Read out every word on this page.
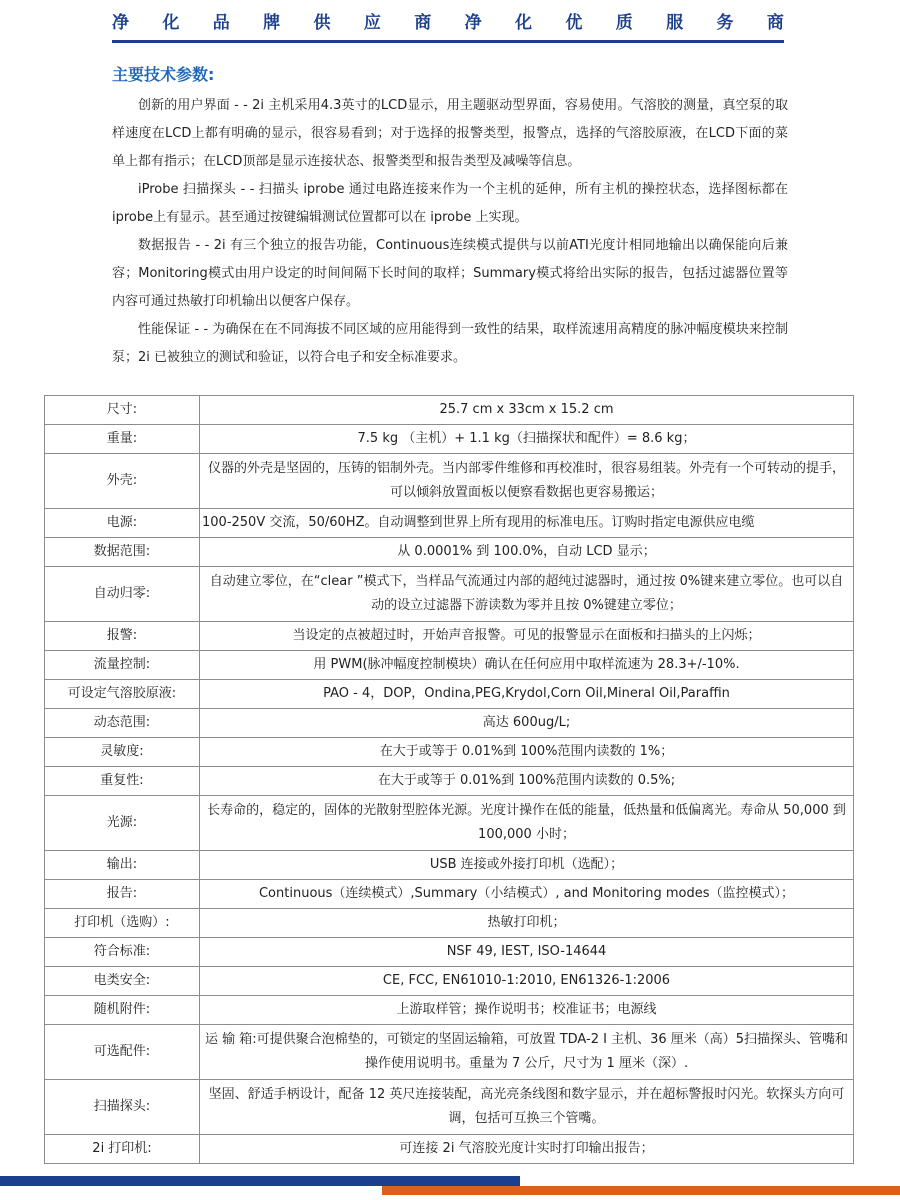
净 化 品 牌 供 应 商 净 化 优 质 服 务 商
主要技术参数:

创新的用户界面 - - 2i 主机采用4.3英寸的LCD显示，用主题驱动型界面，容易使用。气溶胶的测量，真空泵的取样速度在LCD上都有明确的显示，很容易看到；对于选择的报警类型，报警点，选择的气溶胶原液，在LCD下面的菜单上都有指示；在LCD顶部是显示连接状态、报警类型和报告类型及减噪等信息。

iProbe 扫描探头 - - 扫描头 iprobe 通过电路连接来作为一个主机的延伸，所有主机的操控状态，选择图标都在 iprobe上有显示。甚至通过按键编辑测试位置都可以在 iprobe 上实现。

数据报告 - - 2i 有三个独立的报告功能，Continuous连续模式提供与以前ATI光度计相同地输出以确保能向后兼容；Monitoring模式由用户设定的时间间隔下长时间的取样；Summary模式将给出实际的报告，包括过滤器位置等内容可通过热敏打印机输出以便客户保存。

性能保证 - - 为确保在在不同海拔不同区域的应用能得到一致性的结果，取样流速用高精度的脉冲幅度模块来控制泵；2i 已被独立的测试和验证，以符合电子和安全标准要求。

尺寸:	25.7 cm x 33cm x 15.2 cm
重量:	7.5 kg （主机）+ 1.1 kg（扫描探状和配件）= 8.6 kg；
外壳:	仪器的外壳是坚固的，压铸的铝制外壳。当内部零件维修和再校准时，很容易组装。外壳有一个可转动的提手，可以倾斜放置面板以便察看数据也更容易搬运；
电源:	100-250V 交流，50/60HZ。自动调整到世界上所有现用的标准电压。订购时指定电源供应电缆
数据范围:	从 0.0001% 到 100.0%，自动 LCD 显示；
自动归零:	自动建立零位，在“clear ”模式下，当样品气流通过内部的超纯过滤器时，通过按 0%键来建立零位。也可以自动的设立过滤器下游读数为零并且按 0%键建立零位；
报警:	当设定的点被超过时，开始声音报警。可见的报警显示在面板和扫描头的上闪烁；
流量控制:	用 PWM(脉冲幅度控制模块）确认在任何应用中取样流速为 28.3+/-10%.
可设定气溶胶原液:	PAO - 4，DOP，Ondina,PEG,Krydol,Corn Oil,Mineral Oil,Paraffin
动态范围:	高达 600ug/L;
灵敏度:	在大于或等于 0.01%到 100%范围内读数的 1%；
重复性:	在大于或等于 0.01%到 100%范围内读数的 0.5%;
光源:	长寿命的，稳定的，固体的光散射型腔体光源。光度计操作在低的能量，低热量和低偏离光。寿命从 50,000 到 100,000 小时；
输出:	USB 连接或外接打印机（选配）；
报告:	Continuous（连续模式）,Summary（小结模式）, and Monitoring modes（监控模式）；
打印机（选购）:	热敏打印机；
符合标准:	NSF 49, IEST, ISO-14644
电类安全:	CE, FCC, EN61010-1:2010, EN61326-1:2006
随机附件:	上游取样管；操作说明书；校准证书；电源线
可选配件:	运 输 箱:可提供聚合泡棉垫的，可锁定的坚固运输箱，可放置 TDA-2 I 主机、36 厘米（高）5扫描探头、管嘴和操作使用说明书。重量为 7 公斤，尺寸为 1 厘米（深）.
扫描探头:	坚固、舒适手柄设计，配备 12 英尺连接装配，高光亮条线图和数字显示，并在超标警报时闪光。软探头方向可调，包括可互换三个管嘴。
2i 打印机:	可连接 2i 气溶胶光度计实时打印输出报告；
